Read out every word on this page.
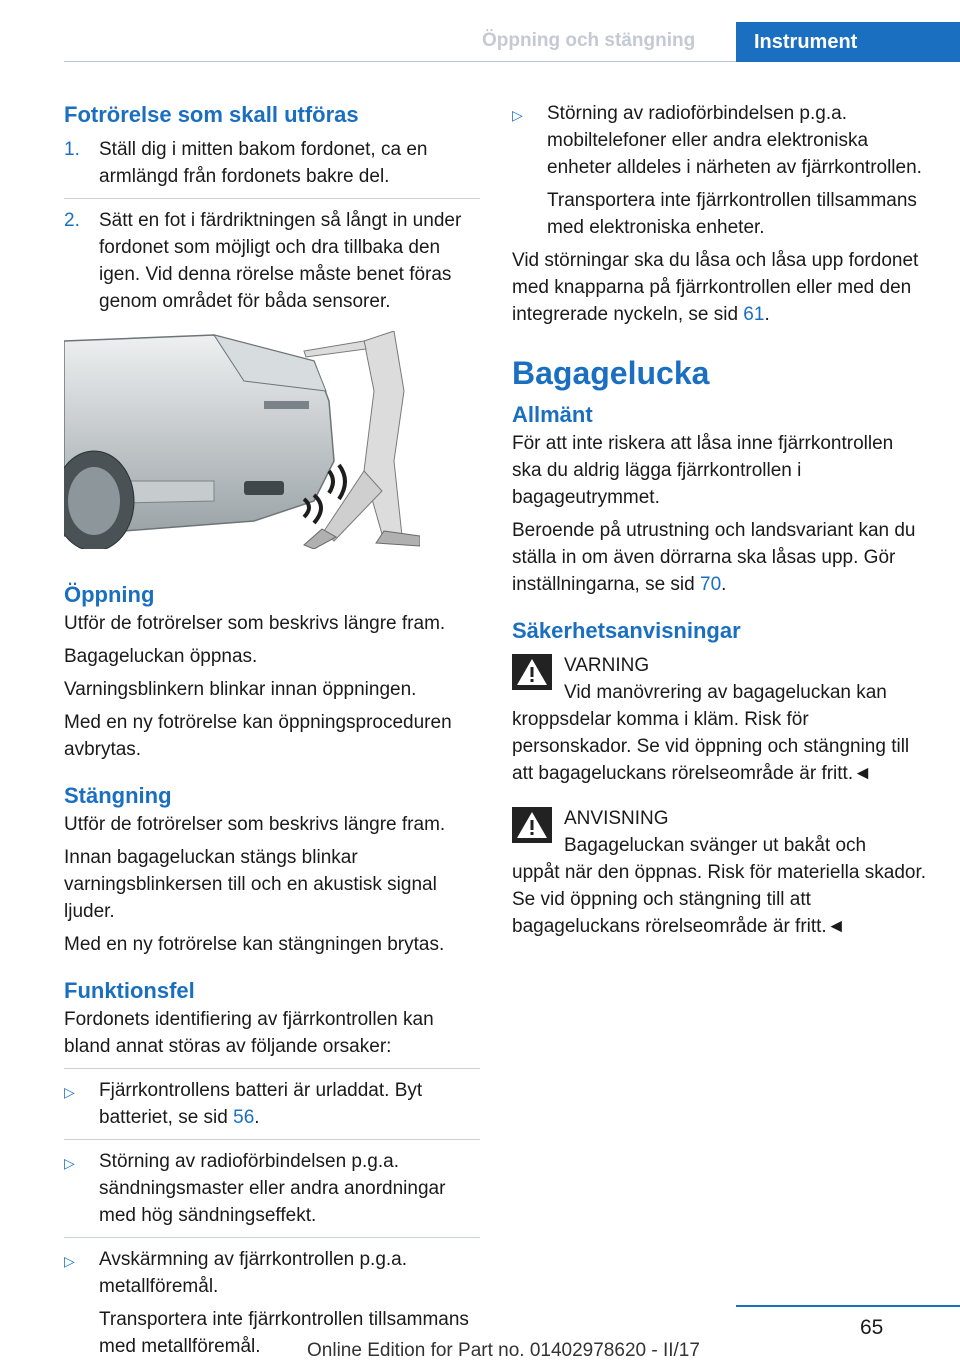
Öppning och stängning	Instrument
Fotrörelse som skall utföras
1. Ställ dig i mitten bakom fordonet, ca en armlängd från fordonets bakre del.
2. Sätt en fot i färdriktningen så långt in under fordonet som möjligt och dra tillbaka den igen. Vid denna rörelse måste benet föras genom området för båda sensorer.
Öppning

Utför de fotrörelser som beskrivs längre fram.

Bagageluckan öppnas.

Varningsblinkern blinkar innan öppningen.

Med en ny fotrörelse kan öppningsproceduren avbrytas.

Stängning

Utför de fotrörelser som beskrivs längre fram.

Innan bagageluckan stängs blinkar varningsblinkersen till och en akustisk signal ljuder.

Med en ny fotrörelse kan stängningen brytas.

Funktionsfel

Fordonets identifiering av fjärrkontrollen kan bland annat störas av följande orsaker:

▷ Fjärrkontrollens batteri är urladdat. Byt batteriet, se sid 56.
▷ Störning av radioförbindelsen p.g.a. sändningsmaster eller andra anordningar med hög sändningseffekt.
▷ Avskärmning av fjärrkontrollen p.g.a. metallföremål.
Transportera inte fjärrkontrollen tillsammans med metallföremål.
▷ Störning av radioförbindelsen p.g.a. mobiltelefoner eller andra elektroniska enheter alldeles i närheten av fjärrkontrollen.
Transportera inte fjärrkontrollen tillsammans med elektroniska enheter.

Vid störningar ska du låsa och låsa upp fordonet med knapparna på fjärrkontrollen eller med den integrerade nyckeln, se sid 61.

Bagagelucka
Allmänt

För att inte riskera att låsa inne fjärrkontrollen ska du aldrig lägga fjärrkontrollen i bagageutrymmet.

Beroende på utrustning och landsvariant kan du ställa in om även dörrarna ska låsas upp. Gör inställningarna, se sid 70.

Säkerhetsanvisningar
VARNING
Vid manövrering av bagageluckan kan
kroppsdelar komma i kläm. Risk för personskador. Se vid öppning och stängning till att bagageluckans rörelseområde är fritt.◄
ANVISNING
Bagageluckan svänger ut bakåt och
uppåt när den öppnas. Risk för materiella skador. Se vid öppning och stängning till att bagageluckans rörelseområde är fritt.◄
65
Online Edition for Part no. 01402978620 - II/17
